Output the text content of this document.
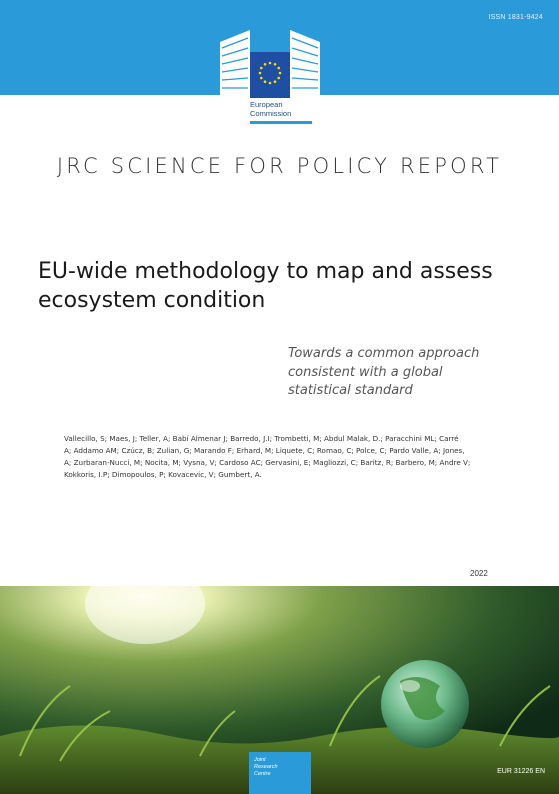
ISSN 1831-9424
European
Commission
JRC SCIENCE FOR POLICY REPORT
EU-wide methodology to map and assess
ecosystem condition
Towards a common approach
consistent with a global
statistical standard
Vallecillo, S; Maes, J; Teller, A; Babí Almenar J; Barredo, J.I; Trombetti, M; Abdul Malak, D.; Paracchini ML; Carré
A; Addamo AM; Czúcz, B; Zulian, G; Marando F; Erhard, M; Liquete, C; Romao, C; Polce, C; Pardo Valle, A; Jones,
A; Zurbaran-Nucci, M; Nocita, M; Vysna, V; Cardoso AC; Gervasini, E; Magliozzi, C; Baritz, R; Barbero, M; Andre V;
Kokkoris, I.P; Dimopoulos, P; Kovacevic, V; Gumbert, A.
2022
Joint
Research
Centre	EUR 31226 EN
